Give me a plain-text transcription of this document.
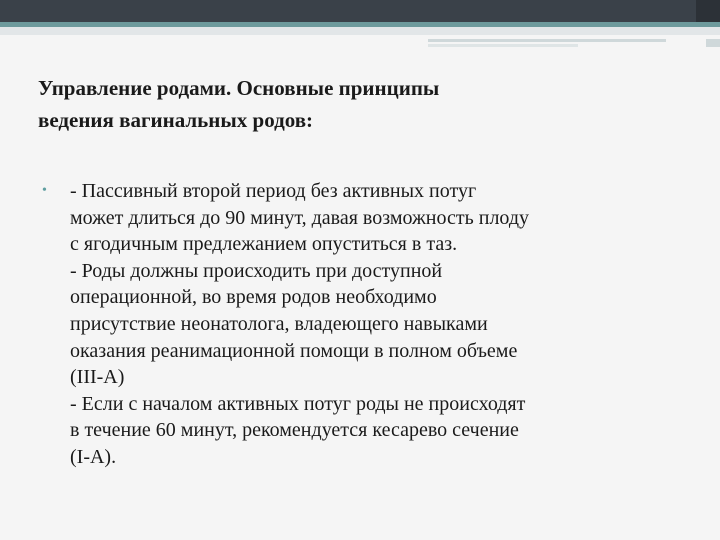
Управление родами. Основные принципы
ведения вагинальных родов:
• - Пассивный второй период без активных потуг
может длиться до 90 минут, давая возможность плоду
с ягодичным предлежанием опуститься в таз.
- Роды должны происходить при доступной
операционной, во время родов необходимо
присутствие неонатолога, владеющего навыками
оказания реанимационной помощи в полном объеме
(III-A)
- Если с началом активных потуг роды не происходят
в течение 60 минут, рекомендуется кесарево сечение
(I-A).
